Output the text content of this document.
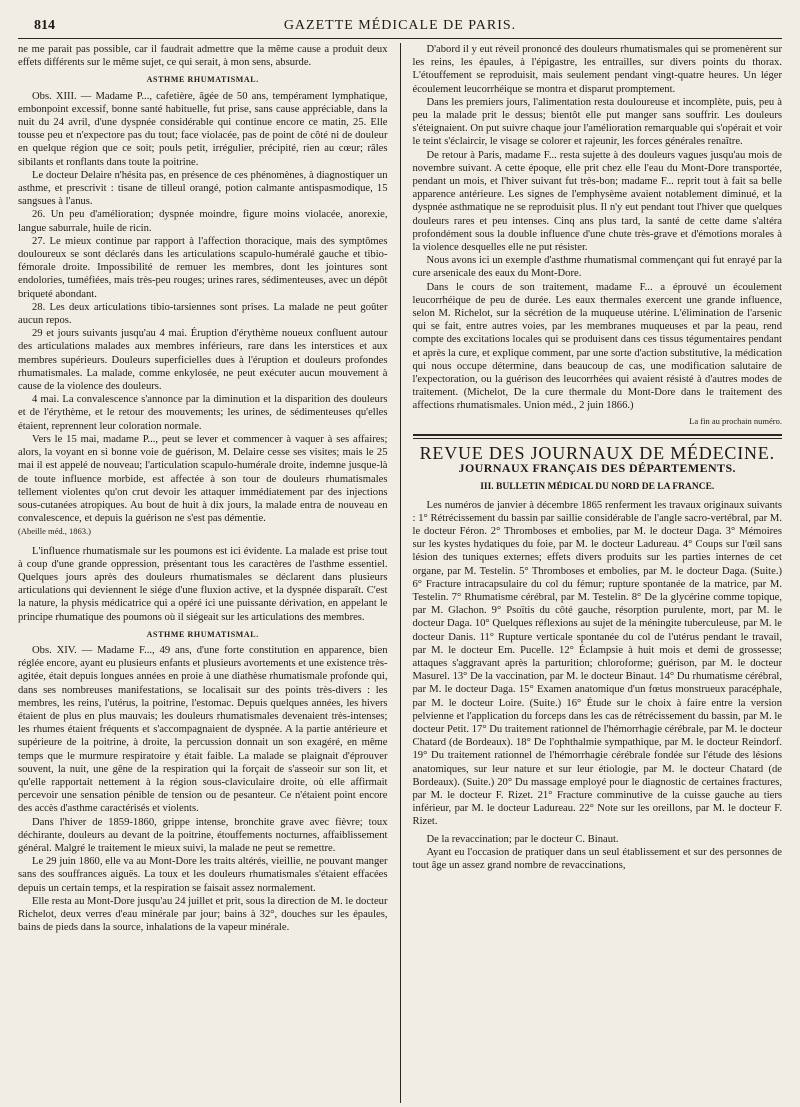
814	GAZETTE MÉDICALE DE PARIS.

ne me parait pas possible, car il faudrait admettre que la même cause a produit deux effets différents sur le même sujet, ce qui serait, à mon sens, absurde.

ASTHME RHUMATISMAL.

Obs. XIII. — Madame P..., cafetière, âgée de 50 ans, tempérament lymphatique, embonpoint excessif, bonne santé habituelle, fut prise, sans cause appréciable, dans la nuit du 24 avril, d'une dyspnée considérable qui continue encore ce matin, 25. Elle tousse peu et n'expectore pas du tout; face violacée, pas de point de côté ni de douleur en quelque région que ce soit; pouls petit, irrégulier, précipité, rien au cœur; râles sibilants et ronflants dans toute la poitrine.

Le docteur Delaire n'hésita pas, en présence de ces phénomènes, à diagnostiquer un asthme, et prescrivit : tisane de tilleul orangé, potion calmante antispasmodique, 15 sangsues à l'anus.

26. Un peu d'amélioration; dyspnée moindre, figure moins violacée, anorexie, langue saburrale, huile de ricin.

27. Le mieux continue par rapport à l'affection thoracique, mais des symptômes douloureux se sont déclarés dans les articulations scapulo-huméralé gauche et tibio-fémorale droite. Impossibilité de remuer les membres, dont les jointures sont endolories, tuméfiées, mais très-peu rouges; urines rares, sédimenteuses, avec un dépôt briqueté abondant.

28. Les deux articulations tibio-tarsiennes sont prises. La malade ne peut goûter aucun repos.

29 et jours suivants jusqu'au 4 mai. Éruption d'érythème noueux confluent autour des articulations malades aux membres inférieurs, rare dans les interstices et aux membres supérieurs. Douleurs superficielles dues à l'éruption et douleurs profondes rhumatismales. La malade, comme enkylosée, ne peut exécuter aucun mouvement à cause de la violence des douleurs.

4 mai. La convalescence s'annonce par la diminution et la disparition des douleurs et de l'érythème, et le retour des mouvements; les urines, de sédimenteuses qu'elles étaient, reprennent leur coloration normale.

Vers le 15 mai, madame P..., peut se lever et commencer à vaquer à ses affaires; alors, la voyant en si bonne voie de guérison, M. Delaire cesse ses visites; mais le 25 mai il est appelé de nouveau; l'articulation scapulo-humérale droite, indemne jusque-là de toute influence morbide, est affectée à son tour de douleurs rhumatismales tellement violentes qu'on crut devoir les attaquer immédiatement par des injections sous-cutanées atropiques. Au bout de huit à dix jours, la malade entra de nouveau en convalescence, et depuis la guérison ne s'est pas démentie.

(Abeille méd., 1863.)

L'influence rhumatismale sur les poumons est ici évidente. La malade est prise tout à coup d'une grande oppression, présentant tous les caractères de l'asthme essentiel. Quelques jours après des douleurs rhumatismales se déclarent dans plusieurs articulations qui deviennent le siége d'une fluxion active, et la dyspnée disparaît. C'est la nature, la physis médicatrice qui a opéré ici une puissante dérivation, en appelant le principe rhumatique des poumons où il siégeait sur les articulations des membres.

ASTHME RHUMATISMAL.

Obs. XIV. — Madame F..., 49 ans, d'une forte constitution en apparence, bien réglée encore, ayant eu plusieurs enfants et plusieurs avortements et une existence très-agitée, était depuis longues années en proie à une diathèse rhumatismale profonde qui, dans ses nombreuses manifestations, se localisait sur des points très-divers : les membres, les reins, l'utérus, la poitrine, l'estomac. Depuis quelques années, les hivers étaient de plus en plus mauvais; les douleurs rhumatismales devenaient très-intenses; les rhumes étaient fréquents et s'accompagnaient de dyspnée. A la partie antérieure et supérieure de la poitrine, à droite, la percussion donnait un son exagéré, en même temps que le murmure respiratoire y était faible. La malade se plaignait d'éprouver souvent, la nuit, une gêne de la respiration qui la forçait de s'asseoir sur son lit, et qu'elle rapportait nettement à la région sous-claviculaire droite, où elle affirmait percevoir une sensation pénible de tension ou de pesanteur. Ce n'étaient point encore des accès d'asthme caractérisés et violents.

Dans l'hiver de 1859-1860, grippe intense, bronchite grave avec fièvre; toux déchirante, douleurs au devant de la poitrine, étouffements nocturnes, affaiblissement général. Malgré le traitement le mieux suivi, la malade ne peut se remettre.

Le 29 juin 1860, elle va au Mont-Dore les traits altérés, vieillie, ne pouvant manger sans des souffrances aiguës. La toux et les douleurs rhumatismales s'étaient effacées depuis un certain temps, et la respiration se faisait assez normalement.

Elle resta au Mont-Dore jusqu'au 24 juillet et prit, sous la direction de M. le docteur Richelot, deux verres d'eau minérale par jour; bains à 32°, douches sur les épaules, bains de pieds dans la source, inhalations de la vapeur minérale.

D'abord il y eut réveil prononcé des douleurs rhumatismales qui se promenèrent sur les reins, les épaules, à l'épigastre, les entrailles, sur divers points du thorax. L'étouffement se reproduisit, mais seulement pendant vingt-quatre heures. Un léger écoulement leucorrhéique se montra et disparut promptement.

Dans les premiers jours, l'alimentation resta douloureuse et incomplète, puis, peu à peu la malade prit le dessus; bientôt elle put manger sans souffrir. Les douleurs s'éteignaient. On put suivre chaque jour l'amélioration remarquable qui s'opérait et voir le teint s'éclaircir, le visage se colorer et rajeunir, les forces générales renaître.

De retour à Paris, madame F... resta sujette à des douleurs vagues jusqu'au mois de novembre suivant. A cette époque, elle prit chez elle l'eau du Mont-Dore transportée, pendant un mois, et l'hiver suivant fut très-bon; madame F... reprit tout à fait sa belle apparence antérieure. Les signes de l'emphysème avaient notablement diminué, et la dyspnée asthmatique ne se reproduisit plus. Il n'y eut pendant tout l'hiver que quelques douleurs rares et peu intenses. Cinq ans plus tard, la santé de cette dame s'altéra profondément sous la double influence d'une chute très-grave et d'émotions morales à la violence desquelles elle ne put résister.

Nous avons ici un exemple d'asthme rhumatismal commençant qui fut enrayé par la cure arsenicale des eaux du Mont-Dore.

Dans le cours de son traitement, madame F... a éprouvé un écoulement leucorrhéique de peu de durée. Les eaux thermales exercent une grande influence, selon M. Richelot, sur la sécrétion de la muqueuse utérine. L'élimination de l'arsenic qui se fait, entre autres voies, par les membranes muqueuses et par la peau, rend compte des excitations locales qui se produisent dans ces tissus tégumentaires pendant et après la cure, et explique comment, par une sorte d'action substitutive, la médication qui nous occupe détermine, dans beaucoup de cas, une modification salutaire de l'expectoration, ou la guérison des leucorrhées qui avaient résisté à d'autres modes de traitement. (Michelot, De la cure thermale du Mont-Dore dans le traitement des affections rhumatismales. Union méd., 2 juin 1866.)

La fin au prochain numéro.
REVUE DES JOURNAUX DE MÉDECINE.
JOURNAUX FRANÇAIS DES DÉPARTEMENTS.
III. BULLETIN MÉDICAL DU NORD DE LA FRANCE.

Les numéros de janvier à décembre 1865 renferment les travaux originaux suivants : 1° Rétrécissement du bassin par saillie considérable de l'angle sacro-vertébral, par M. le docteur Féron. 2° Thromboses et embolies, par M. le docteur Daga. 3° Mémoires sur les kystes hydatiques du foie, par M. le docteur Ladureau. 4° Coups sur l'œil sans lésion des tuniques externes; effets divers produits sur les parties internes de cet organe, par M. Testelin. 5° Thromboses et embolies, par M. le docteur Daga. (Suite.) 6° Fracture intracapsulaire du col du fémur; rupture spontanée de la matrice, par M. Testelin. 7° Rhumatisme cérébral, par M. Testelin. 8° De la glycérine comme topique, par M. Glachon. 9° Psoïtis du côté gauche, résorption purulente, mort, par M. le docteur Daga. 10° Quelques réflexions au sujet de la méningite tuberculeuse, par M. le docteur Danis. 11° Rupture verticale spontanée du col de l'utérus pendant le travail, par M. le docteur Em. Pucelle. 12° Éclampsie à huit mois et demi de grossesse; attaques s'aggravant après la parturition; chloroforme; guérison, par M. le docteur Masurel. 13° De la vaccination, par M. le docteur Binaut. 14° Du rhumatisme cérébral, par M. le docteur Daga. 15° Examen anatomique d'un fœtus monstrueux paracéphale, par M. le docteur Loire. (Suite.) 16° Étude sur le choix à faire entre la version pelvienne et l'application du forceps dans les cas de rétrécissement du bassin, par M. le docteur Petit. 17° Du traitement rationnel de l'hémorrhagie cérébrale, par M. le docteur Chatard (de Bordeaux). 18° De l'ophthalmie sympathique, par M. le docteur Reindorf. 19° Du traitement rationnel de l'hémorrhagie cérébrale fondée sur l'étude des lésions anatomiques, sur leur nature et sur leur étiologie, par M. le docteur Chatard (de Bordeaux). (Suite.) 20° Du massage employé pour le diagnostic de certaines fractures, par M. le docteur F. Rizet. 21° Fracture comminutive de la cuisse gauche au tiers inférieur, par M. le docteur Ladureau. 22° Note sur les oreillons, par M. le docteur F. Rizet.

De la revaccination; par le docteur C. Binaut.

Ayant eu l'occasion de pratiquer dans un seul établissement et sur des personnes de tout âge un assez grand nombre de revaccinations,
